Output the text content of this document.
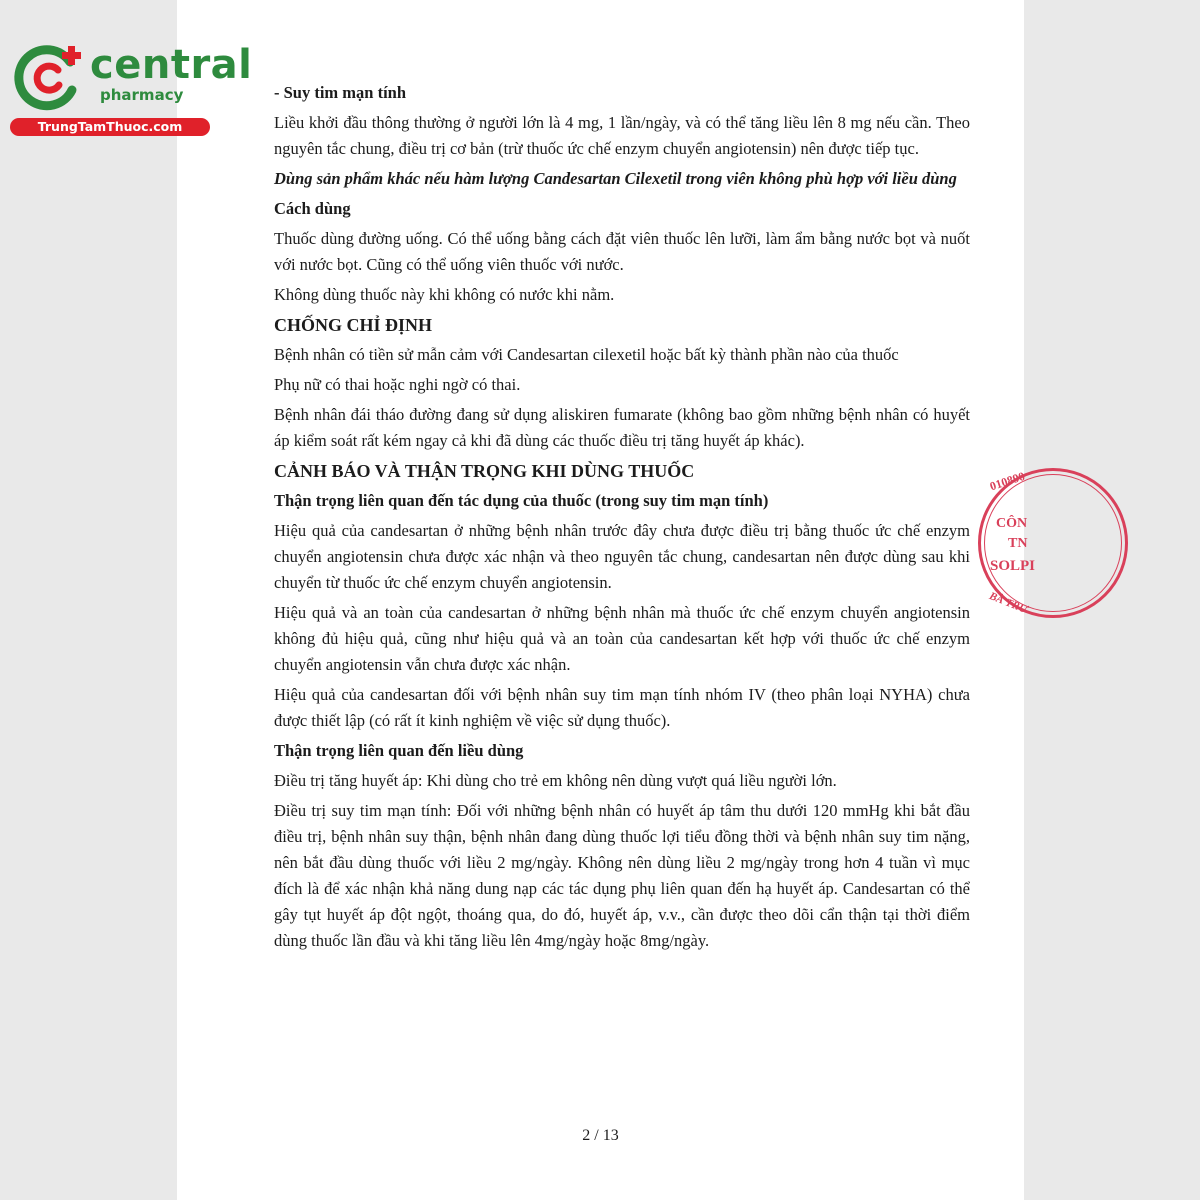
central
pharmacy
TrungTamThuoc.com
010890
CÔN
TN
SOLPI
BÀ TRƯ

- Suy tim mạn tính

Liều khởi đầu thông thường ở người lớn là 4 mg, 1 lần/ngày, và có thể tăng liều lên 8 mg nếu cần. Theo nguyên tắc chung, điều trị cơ bản (trừ thuốc ức chế enzym chuyển angiotensin) nên được tiếp tục.

Dùng sản phẩm khác nếu hàm lượng Candesartan Cilexetil trong viên không phù hợp với liều dùng

Cách dùng

Thuốc dùng đường uống. Có thể uống bằng cách đặt viên thuốc lên lưỡi, làm ẩm bằng nước bọt và nuốt với nước bọt. Cũng có thể uống viên thuốc với nước.

Không dùng thuốc này khi không có nước khi nằm.

CHỐNG CHỈ ĐỊNH

Bệnh nhân có tiền sử mẫn cảm với Candesartan cilexetil hoặc bất kỳ thành phần nào của thuốc

Phụ nữ có thai hoặc nghi ngờ có thai.

Bệnh nhân đái tháo đường đang sử dụng aliskiren fumarate (không bao gồm những bệnh nhân có huyết áp kiểm soát rất kém ngay cả khi đã dùng các thuốc điều trị tăng huyết áp khác).

CẢNH BÁO VÀ THẬN TRỌNG KHI DÙNG THUỐC

Thận trọng liên quan đến tác dụng của thuốc (trong suy tim mạn tính)

Hiệu quả của candesartan ở những bệnh nhân trước đây chưa được điều trị bằng thuốc ức chế enzym chuyển angiotensin chưa được xác nhận và theo nguyên tắc chung, candesartan nên được dùng sau khi chuyển từ thuốc ức chế enzym chuyển angiotensin.

Hiệu quả và an toàn của candesartan ở những bệnh nhân mà thuốc ức chế enzym chuyển angiotensin không đủ hiệu quả, cũng như hiệu quả và an toàn của candesartan kết hợp với thuốc ức chế enzym chuyển angiotensin vẫn chưa được xác nhận.

Hiệu quả của candesartan đối với bệnh nhân suy tim mạn tính nhóm IV (theo phân loại NYHA) chưa được thiết lập (có rất ít kinh nghiệm về việc sử dụng thuốc).

Thận trọng liên quan đến liều dùng

Điều trị tăng huyết áp: Khi dùng cho trẻ em không nên dùng vượt quá liều người lớn.

Điều trị suy tim mạn tính: Đối với những bệnh nhân có huyết áp tâm thu dưới 120 mmHg khi bắt đầu điều trị, bệnh nhân suy thận, bệnh nhân đang dùng thuốc lợi tiểu đồng thời và bệnh nhân suy tim nặng, nên bắt đầu dùng thuốc với liều 2 mg/ngày. Không nên dùng liều 2 mg/ngày trong hơn 4 tuần vì mục đích là để xác nhận khả năng dung nạp các tác dụng phụ liên quan đến hạ huyết áp. Candesartan có thể gây tụt huyết áp đột ngột, thoáng qua, do đó, huyết áp, v.v., cần được theo dõi cẩn thận tại thời điểm dùng thuốc lần đầu và khi tăng liều lên 4mg/ngày hoặc 8mg/ngày.

2 / 13
